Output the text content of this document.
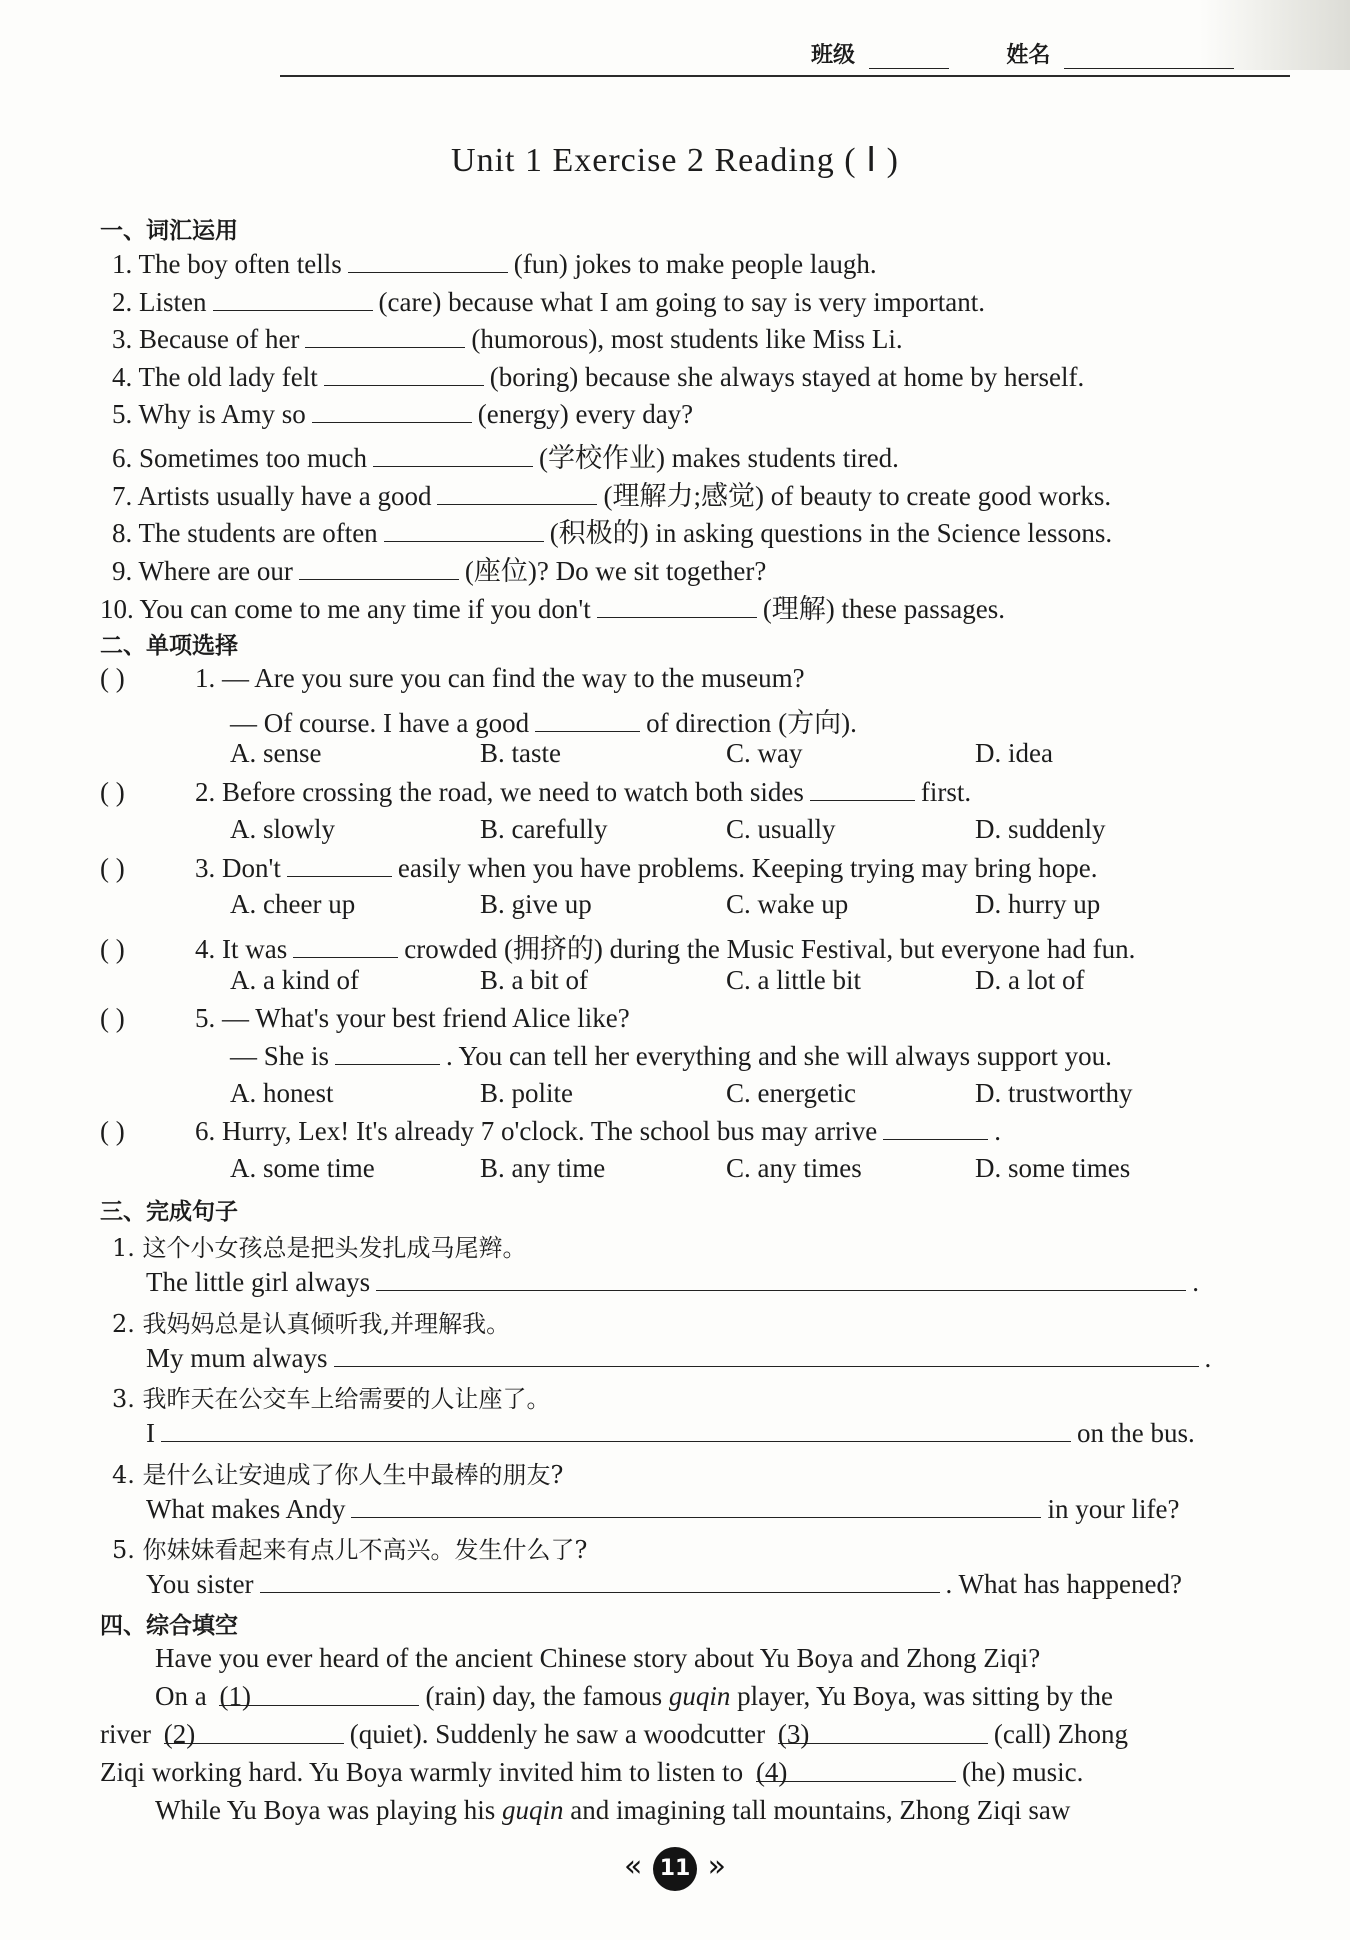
班级	姓名
Unit 1 Exercise 2 Reading ( Ⅰ )
一、词汇运用
1. The boy often tells	(fun) jokes to make people laugh.
2. Listen	(care) because what I am going to say is very important.
3. Because of her	(humorous), most students like Miss Li.
4. The old lady felt	(boring) because she always stayed at home by herself.
5. Why is Amy so	(energy) every day?
6. Sometimes too much	(学校作业) makes students tired.
7. Artists usually have a good	(理解力;感觉) of beauty to create good works.
8. The students are often	(积极的) in asking questions in the Science lessons.
9. Where are our	(座位)? Do we sit together?
10. You can come to me any time if you don't	(理解) these passages.
二、单项选择
( )	1. — Are you sure you can find the way to the museum?
— Of course. I have a good	of direction (方向).
A. sense	B. taste	C. way	D. idea
( )	2. Before crossing the road, we need to watch both sides	first.
A. slowly	B. carefully	C. usually	D. suddenly
( )	3. Don't	easily when you have problems. Keeping trying may bring hope.
A. cheer up	B. give up	C. wake up	D. hurry up
( )	4. It was	crowded (拥挤的) during the Music Festival, but everyone had fun.
A. a kind of	B. a bit of	C. a little bit	D. a lot of
( )	5. — What's your best friend Alice like?
— She is	. You can tell her everything and she will always support you.
A. honest	B. polite	C. energetic	D. trustworthy
( )	6. Hurry, Lex! It's already 7 o'clock. The school bus may arrive	.
A. some time	B. any time	C. any times	D. some times
三、完成句子
1. 这个小女孩总是把头发扎成马尾辫。
The little girl always	.
2. 我妈妈总是认真倾听我,并理解我。
My mum always	.
3. 我昨天在公交车上给需要的人让座了。
I	on the bus.
4. 是什么让安迪成了你人生中最棒的朋友?
What makes Andy	in your life?
5. 你妹妹看起来有点儿不高兴。发生什么了?
You sister	. What has happened?
四、综合填空
Have you ever heard of the ancient Chinese story about Yu Boya and Zhong Ziqi?
On a (1)	(rain) day, the famous guqin player, Yu Boya, was sitting by the
river (2)	(quiet). Suddenly he saw a woodcutter (3)	(call) Zhong
Ziqi working hard. Yu Boya warmly invited him to listen to (4)	(he) music.
While Yu Boya was playing his guqin and imagining tall mountains, Zhong Ziqi saw
« 11 »
